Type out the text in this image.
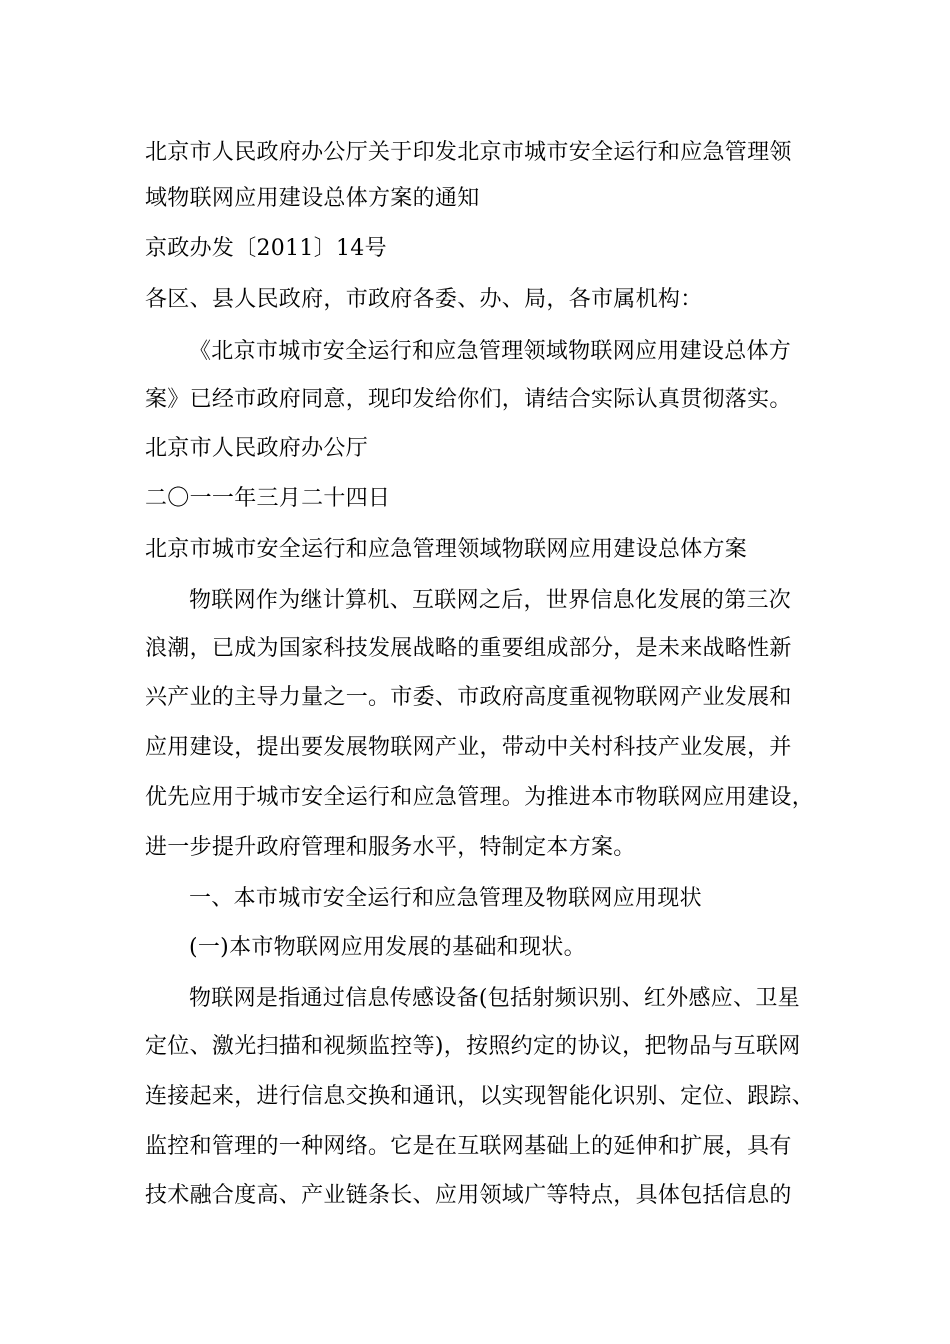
北京市人民政府办公厅关于印发北京市城市安全运行和应急管理领
域物联网应用建设总体方案的通知
京政办发〔2011〕14号
各区、县人民政府，市政府各委、办、局，各市属机构：
《北京市城市安全运行和应急管理领域物联网应用建设总体方
案》已经市政府同意，现印发给你们，请结合实际认真贯彻落实。
北京市人民政府办公厅
二〇一一年三月二十四日
北京市城市安全运行和应急管理领域物联网应用建设总体方案
物联网作为继计算机、互联网之后，世界信息化发展的第三次
浪潮，已成为国家科技发展战略的重要组成部分，是未来战略性新
兴产业的主导力量之一。市委、市政府高度重视物联网产业发展和
应用建设，提出要发展物联网产业，带动中关村科技产业发展，并
优先应用于城市安全运行和应急管理。为推进本市物联网应用建设，
进一步提升政府管理和服务水平，特制定本方案。
一、本市城市安全运行和应急管理及物联网应用现状
(一)本市物联网应用发展的基础和现状。
物联网是指通过信息传感设备(包括射频识别、红外感应、卫星
定位、激光扫描和视频监控等)，按照约定的协议，把物品与互联网
连接起来，进行信息交换和通讯，以实现智能化识别、定位、跟踪、
监控和管理的一种网络。它是在互联网基础上的延伸和扩展，具有
技术融合度高、产业链条长、应用领域广等特点，具体包括信息的
